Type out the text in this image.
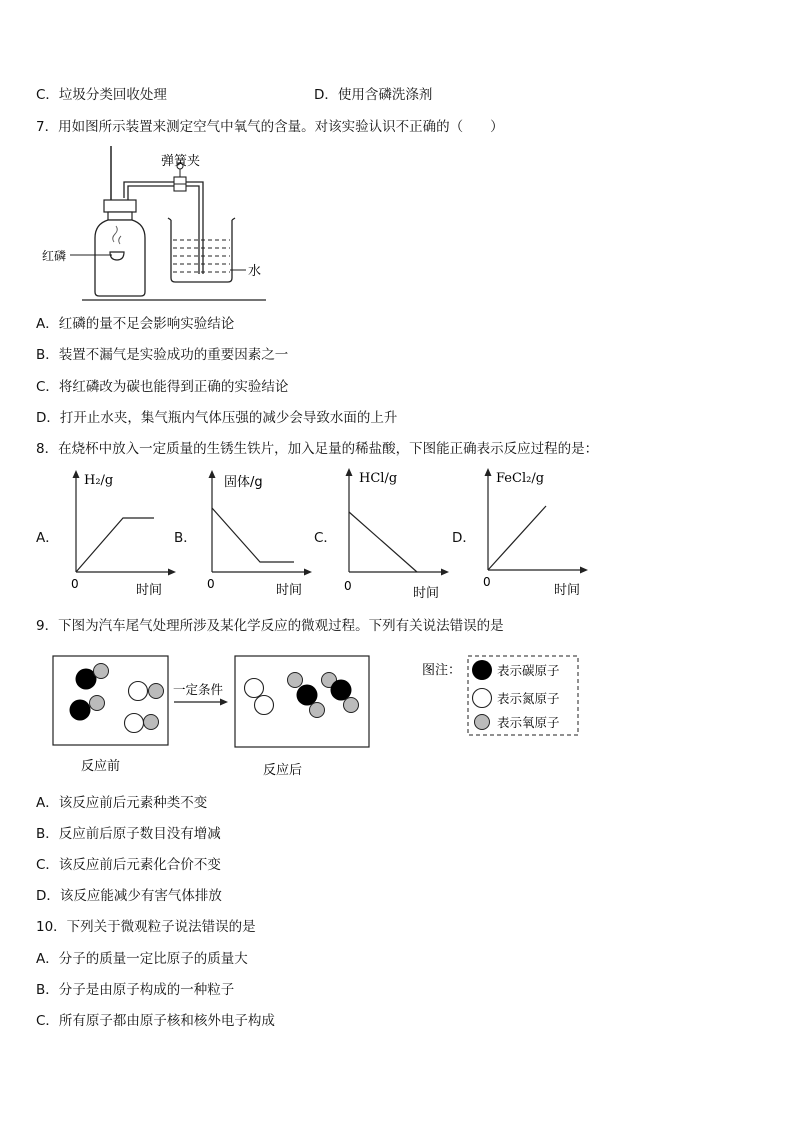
C．垃圾分类回收处理	D．使用含磷洗涤剂
7．用如图所示装置来测定空气中氧气的含量。对该实验认识不正确的（　　）
弹簧夹
红磷
水
A．红磷的量不足会影响实验结论
B．装置不漏气是实验成功的重要因素之一
C．将红磷改为碳也能得到正确的实验结论
D．打开止水夹，集气瓶内气体压强的减少会导致水面的上升
8．在烧杯中放入一定质量的生锈生铁片，加入足量的稀盐酸，下图能正确表示反应过程的是：
A．
H₂/g
0	时间
B．
固体/g
0	时间
C．
HCl/g
0	时间
D．
FeCl₂/g
0
时间
9．下图为汽车尾气处理所涉及某化学反应的微观过程。下列有关说法错误的是
一定条件
反应前	反应后
图注：	表示碳原子
表示氮原子
表示氧原子
A．该反应前后元素种类不变
B．反应前后原子数目没有增减
C．该反应前后元素化合价不变
D．该反应能减少有害气体排放
10．下列关于微观粒子说法错误的是
A．分子的质量一定比原子的质量大
B．分子是由原子构成的一种粒子
C．所有原子都由原子核和核外电子构成
